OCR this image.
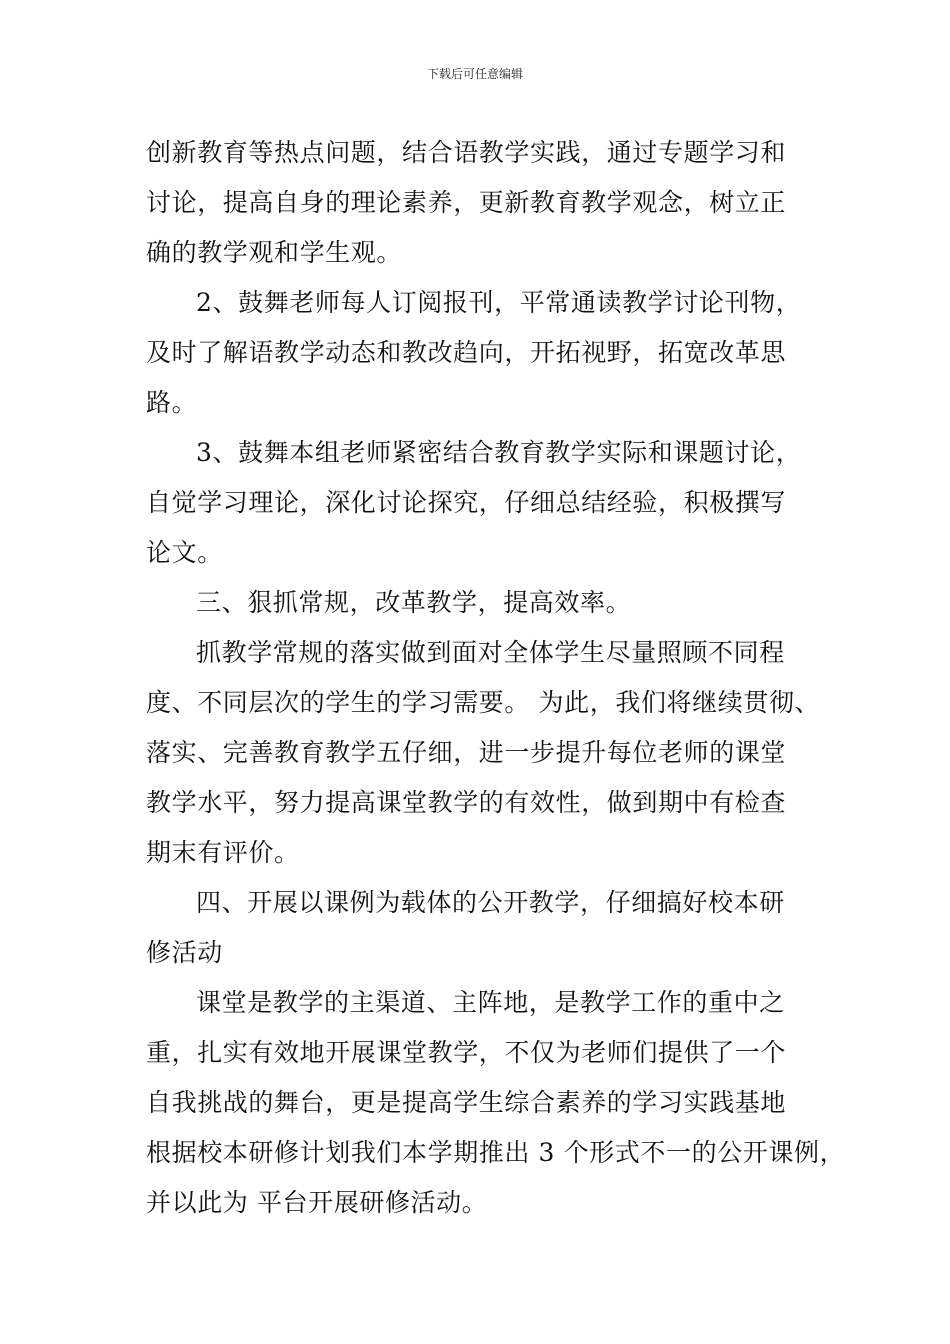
下载后可任意编辑
创新教育等热点问题，结合语教学实践，通过专题学习和
讨论，提高自身的理论素养，更新教育教学观念，树立正
确的教学观和学生观。
2、鼓舞老师每人订阅报刊，平常通读教学讨论刊物，
及时了解语教学动态和教改趋向，开拓视野，拓宽改革思
路。
3、鼓舞本组老师紧密结合教育教学实际和课题讨论，
自觉学习理论，深化讨论探究，仔细总结经验，积极撰写
论文。
三、狠抓常规，改革教学，提高效率。
抓教学常规的落实做到面对全体学生尽量照顾不同程
度、不同层次的学生的学习需要。 为此，我们将继续贯彻、
落实、完善教育教学五仔细，进一步提升每位老师的课堂
教学水平，努力提高课堂教学的有效性，做到期中有检查
期末有评价。
四、开展以课例为载体的公开教学，仔细搞好校本研
修活动
课堂是教学的主渠道、主阵地，是教学工作的重中之
重，扎实有效地开展课堂教学，不仅为老师们提供了一个
自我挑战的舞台，更是提高学生综合素养的学习实践基地
根据校本研修计划我们本学期推出 3 个形式不一的公开课例，
并以此为 平台开展研修活动。
